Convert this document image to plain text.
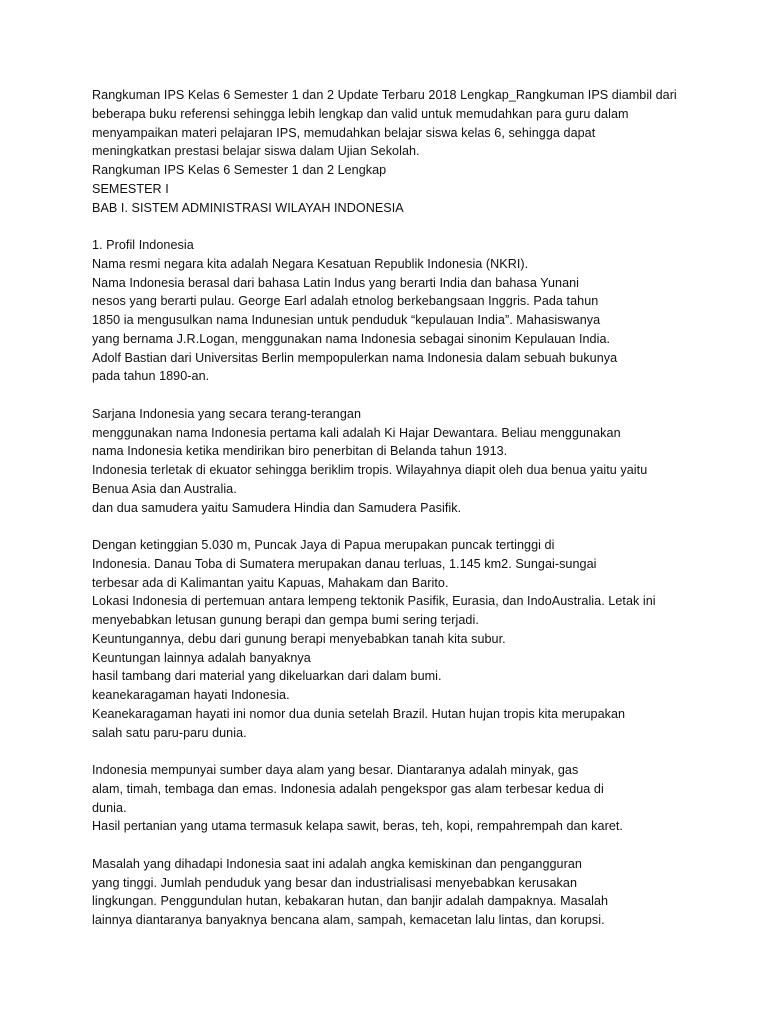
Rangkuman IPS Kelas 6 Semester 1 dan 2 Update Terbaru 2018 Lengkap_Rangkuman IPS diambil dari
beberapa buku referensi sehingga lebih lengkap dan valid untuk memudahkan para guru dalam
menyampaikan materi pelajaran IPS, memudahkan belajar siswa kelas 6, sehingga dapat
meningkatkan prestasi belajar siswa dalam Ujian Sekolah.
Rangkuman IPS Kelas 6 Semester 1 dan 2 Lengkap
SEMESTER I
BAB I. SISTEM ADMINISTRASI WILAYAH INDONESIA
1. Profil Indonesia
Nama resmi negara kita adalah Negara Kesatuan Republik Indonesia (NKRI).
Nama Indonesia berasal dari bahasa Latin Indus yang berarti India dan bahasa Yunani
nesos yang berarti pulau. George Earl adalah etnolog berkebangsaan Inggris. Pada tahun
1850 ia mengusulkan nama Indunesian untuk penduduk “kepulauan India”. Mahasiswanya
yang bernama J.R.Logan, menggunakan nama Indonesia sebagai sinonim Kepulauan India.
Adolf Bastian dari Universitas Berlin mempopulerkan nama Indonesia dalam sebuah bukunya
pada tahun 1890-an.
Sarjana Indonesia yang secara terang-terangan
menggunakan nama Indonesia pertama kali adalah Ki Hajar Dewantara. Beliau menggunakan
nama Indonesia ketika mendirikan biro penerbitan di Belanda tahun 1913.
Indonesia terletak di ekuator sehingga beriklim tropis. Wilayahnya diapit oleh dua benua yaitu yaitu
Benua Asia dan Australia.
dan dua samudera yaitu Samudera Hindia dan Samudera Pasifik.
Dengan ketinggian 5.030 m, Puncak Jaya di Papua merupakan puncak tertinggi di
Indonesia. Danau Toba di Sumatera merupakan danau terluas, 1.145 km2. Sungai-sungai
terbesar ada di Kalimantan yaitu Kapuas, Mahakam dan Barito.
Lokasi Indonesia di pertemuan antara lempeng tektonik Pasifik, Eurasia, dan IndoAustralia. Letak ini
menyebabkan letusan gunung berapi dan gempa bumi sering terjadi.
Keuntungannya, debu dari gunung berapi menyebabkan tanah kita subur.
Keuntungan lainnya adalah banyaknya
hasil tambang dari material yang dikeluarkan dari dalam bumi.
keanekaragaman hayati Indonesia.
Keanekaragaman hayati ini nomor dua dunia setelah Brazil. Hutan hujan tropis kita merupakan
salah satu paru-paru dunia.
Indonesia mempunyai sumber daya alam yang besar. Diantaranya adalah minyak, gas
alam, timah, tembaga dan emas. Indonesia adalah pengekspor gas alam terbesar kedua di
dunia.
Hasil pertanian yang utama termasuk kelapa sawit, beras, teh, kopi, rempahrempah dan karet.
Masalah yang dihadapi Indonesia saat ini adalah angka kemiskinan dan pengangguran
yang tinggi. Jumlah penduduk yang besar dan industrialisasi menyebabkan kerusakan
lingkungan. Penggundulan hutan, kebakaran hutan, dan banjir adalah dampaknya. Masalah
lainnya diantaranya banyaknya bencana alam, sampah, kemacetan lalu lintas, dan korupsi.
